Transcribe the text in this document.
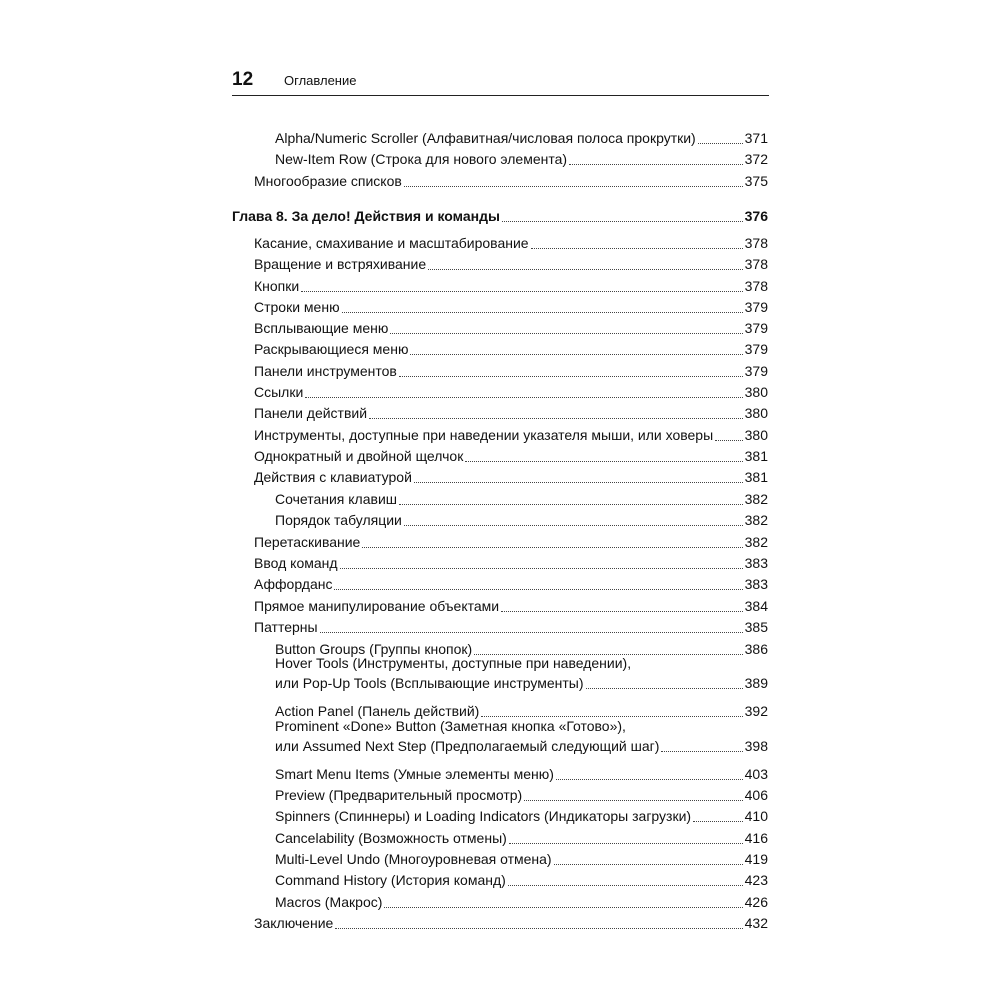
12 Оглавление
Alpha/Numeric Scroller (Алфавитная/числовая полоса прокрутки)	371
New-Item Row (Строка для нового элемента)	372
Многообразие списков	375
Глава 8. За дело! Действия и команды	376
Касание, смахивание и масштабирование	378
Вращение и встряхивание	378
Кнопки	378
Строки меню	379
Всплывающие меню	379
Раскрывающиеся меню	379
Панели инструментов	379
Ссылки	380
Панели действий	380
Инструменты, доступные при наведении указателя мыши, или ховеры 380
Однократный и двойной щелчок	381
Действия с клавиатурой	381
Сочетания клавиш	382
Порядок табуляции	382
Перетаскивание	382
Ввод команд	383
Аффорданс	383
Прямое манипулирование объектами	384
Паттерны	385
Button Groups (Группы кнопок)	386
Hover Tools (Инструменты, доступные при наведении),
или Pop-Up Tools (Всплывающие инструменты)	389
Action Panel (Панель действий)	392
Prominent «Done» Button (Заметная кнопка «Готово»),
или Assumed Next Step (Предполагаемый следующий шаг)	398
Smart Menu Items (Умные элементы меню)	403
Preview (Предварительный просмотр)	406
Spinners (Спиннеры) и Loading Indicators (Индикаторы загрузки)	410
Cancelability (Возможность отмены)	416
Multi-Level Undo (Многоуровневая отмена)	419
Command History (История команд)	423
Macros (Макрос)	426
Заключение	432
